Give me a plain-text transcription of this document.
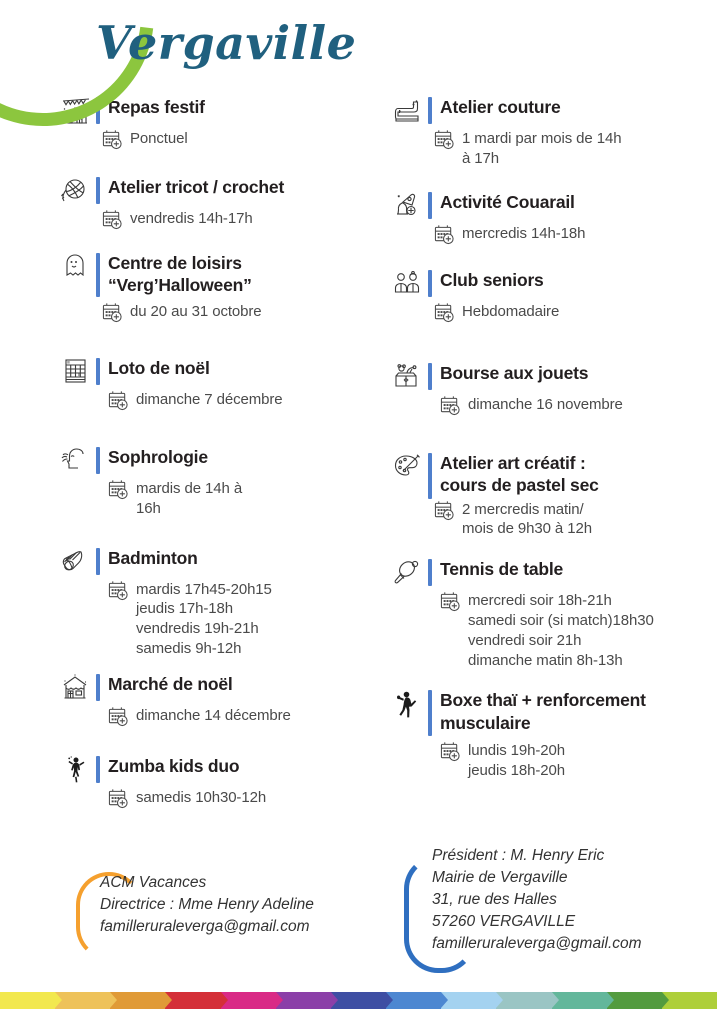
Vergaville
Repas festif
Ponctuel
Atelier tricot / crochet
vendredis 14h-17h
Centre de loisirs
“Verg’Halloween”
du 20 au 31 octobre
Loto de noël
dimanche 7 décembre
Sophrologie
mardis de 14h à
16h
Badminton
mardis 17h45-20h15
jeudis 17h-18h
vendredis 19h-21h
samedis 9h-12h
Marché de noël
dimanche 14 décembre
Zumba kids duo
samedis 10h30-12h
Atelier couture
1 mardi par mois de 14h
à 17h
Activité Couarail
mercredis 14h-18h
Club seniors
Hebdomadaire
Bourse aux jouets
dimanche 16 novembre
Atelier art créatif :
cours de pastel sec
2 mercredis matin/
mois de 9h30 à 12h
Tennis de table
mercredi soir 18h-21h
samedi soir (si match)18h30
vendredi soir 21h
dimanche matin 8h-13h
Boxe thaï + renforcement
musculaire
lundis 19h-20h
jeudis 18h-20h
ACM Vacances
Directrice : Mme Henry Adeline
familleruraleverga@gmail.com
Président : M. Henry Eric
Mairie de Vergaville
31, rue des Halles
57260 VERGAVILLE
familleruraleverga@gmail.com
